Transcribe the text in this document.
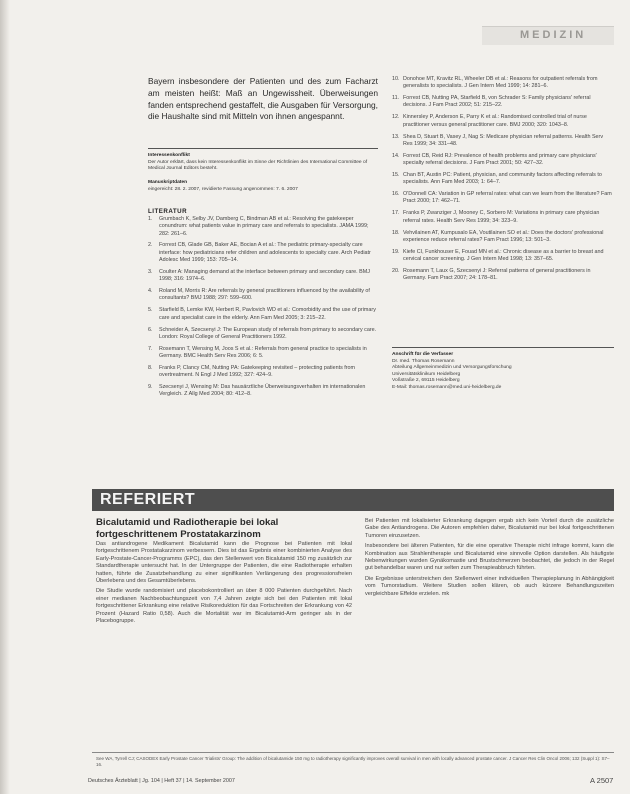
MEDIZIN
Bayern insbesondere der Patienten und des zum Facharzt am meisten heißt: Maß an Ungewissheit. Überweisungen fanden entsprechend gestaffelt, die Ausgaben für Versorgung, die Haushalte sind mit Mitteln von ihnen angespannt.
Interessenkonflikt
Der Autor erklärt, dass kein Interessenkonflikt im Sinne der Richtlinien des International Committee of Medical Journal Editors besteht.
Manuskriptdaten
eingereicht: 28. 2. 2007, revidierte Fassung angenommen: 7. 6. 2007
LITERATUR
1. Grumbach K, Selby JV, Damberg C, Bindman AB et al.: Resolving the gatekeeper conundrum: what patients value in primary care and referrals to specialists. JAMA 1999; 282: 261–6.
2. Forrest CB, Glade GB, Baker AE, Bocian A et al.: The pediatric primary-specialty care interface: how pediatricians refer children and adolescents to specialty care. Arch Pediatr Adolesc Med 1999; 153: 705–14.
3. Coulter A: Managing demand at the interface between primary and secondary care. BMJ 1998; 316: 1974–6.
4. Roland M, Morris R: Are referrals by general practitioners influenced by the availability of consultants? BMJ 1988; 297: 599–600.
5. Starfield B, Lemke KW, Herbert R, Pavlovich WD et al.: Comorbidity and the use of primary care and specialist care in the elderly. Ann Fam Med 2005; 3: 215–22.
6. Schneider A, Szecsenyi J: The European study of referrals from primary to secondary care. London: Royal College of General Practitioners 1992.
7. Rosemann T, Wensing M, Joos S et al.: Referrals from general practice to specialists in Germany. BMC Health Serv Res 2006; 6: 5.
8. Franks P, Clancy CM, Nutting PA: Gatekeeping revisited – protecting patients from overtreatment. N Engl J Med 1992; 327: 424–9.
9. Szecsenyi J, Wensing M: Das hausärztliche Überweisungsverhalten im internationalen Vergleich. Z Allg Med 2004; 80: 412–8.
10. Donohoe MT, Kravitz RL, Wheeler DB et al.: Reasons for outpatient referrals from generalists to specialists. J Gen Intern Med 1999; 14: 281–6.
11. Forrest CB, Nutting PA, Starfield B, von Schrader S: Family physicians' referral decisions. J Fam Pract 2002; 51: 215–22.
12. Kinnersley P, Anderson E, Parry K et al.: Randomised controlled trial of nurse practitioner versus general practitioner care. BMJ 2000; 320: 1043–8.
13. Shea D, Stuart B, Vasey J, Nag S: Medicare physician referral patterns. Health Serv Res 1999; 34: 331–48.
14. Forrest CB, Reid RJ: Prevalence of health problems and primary care physicians' specialty referral decisions. J Fam Pract 2001; 50: 427–32.
15. Chan BT, Austin PC: Patient, physician, and community factors affecting referrals to specialists. Ann Fam Med 2003; 1: 64–7.
16. O'Donnell CA: Variation in GP referral rates: what can we learn from the literature? Fam Pract 2000; 17: 462–71.
17. Franks P, Zwanziger J, Mooney C, Sorbero M: Variations in primary care physician referral rates. Health Serv Res 1999; 34: 323–9.
18. Vehvilainen AT, Kumpusalo EA, Voutilainen SO et al.: Does the doctors' professional experience reduce referral rates? Fam Pract 1996; 13: 501–3.
19. Kiefe CI, Funkhouser E, Fouad MN et al.: Chronic disease as a barrier to breast and cervical cancer screening. J Gen Intern Med 1998; 13: 357–65.
20. Rosemann T, Laux G, Szecsenyi J: Referral patterns of general practitioners in Germany. Fam Pract 2007; 24: 178–81.
Anschrift für die Verfasser
Dr. med. Thomas Rosemann
Abteilung Allgemeinmedizin und Versorgungsforschung
Universitätsklinikum Heidelberg
Voßstraße 2, 69115 Heidelberg
E-Mail: thomas.rosemann@med.uni-heidelberg.de
REFERIERT
Bicalutamid und Radiotherapie bei lokal fortgeschrittenem Prostatakarzinom

Das antiandrogene Medikament Bicalutamid kann die Prognose bei Patienten mit lokal fortgeschrittenem Prostatakarzinom verbessern. Dies ist das Ergebnis einer kombinierten Analyse des Early-Prostate-Cancer-Programms (EPC), das den Stellenwert von Bicalutamid 150 mg zusätzlich zur Standardtherapie untersucht hat. In der Untergruppe der Patienten, die eine Radiotherapie erhalten hatten, führte die Zusatzbehandlung zu einer signifikanten Verlängerung des progressionsfreien Überlebens und des Gesamtüberlebens.

Die Studie wurde randomisiert und placebokontrolliert an über 8 000 Patienten durchgeführt. Nach einer medianen Nachbeobachtungszeit von 7,4 Jahren zeigte sich bei den Patienten mit lokal fortgeschrittener Erkrankung eine relative Risikoreduktion für das Fortschreiten der Erkrankung von 42 Prozent (Hazard Ratio 0,58). Auch die Mortalität war im Bicalutamid-Arm geringer als in der Placebogruppe.

Bei Patienten mit lokalisierter Erkrankung dagegen ergab sich kein Vorteil durch die zusätzliche Gabe des Antiandrogens. Die Autoren empfehlen daher, Bicalutamid nur bei lokal fortgeschrittenen Tumoren einzusetzen.

Insbesondere bei älteren Patienten, für die eine operative Therapie nicht infrage kommt, kann die Kombination aus Strahlentherapie und Bicalutamid eine sinnvolle Option darstellen. Als häufigste Nebenwirkungen wurden Gynäkomastie und Brustschmerzen beobachtet, die jedoch in der Regel gut behandelbar waren und nur selten zum Therapieabbruch führten.

Die Ergebnisse unterstreichen den Stellenwert einer individuellen Therapieplanung in Abhängigkeit vom Tumorstadium. Weitere Studien sollen klären, ob auch kürzere Behandlungszeiten vergleichbare Effekte erzielen. mk

See WA, Tyrrell CJ; CASODEX Early Prostate Cancer Trialists' Group: The addition of bicalutamide 150 mg to radiotherapy significantly improves overall survival in men with locally advanced prostate cancer. J Cancer Res Clin Oncol 2006; 132 (Suppl 1): S7–16.
Deutsches Ärzteblatt | Jg. 104 | Heft 37 | 14. September 2007	A 2507
